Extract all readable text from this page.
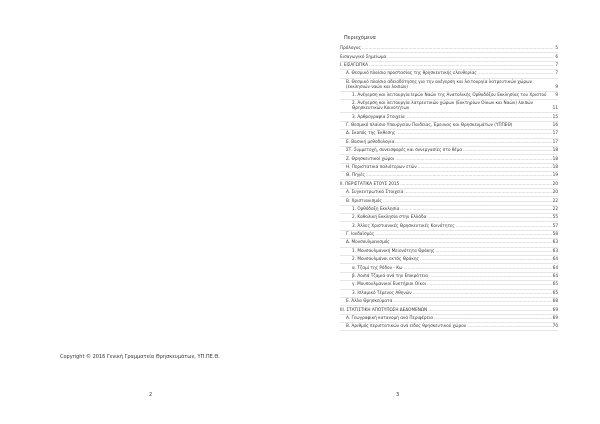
Copyright © 2016 Γενική Γραμματεία Θρησκευμάτων, ΥΠ.ΠΕ.Θ.
2
Περιεχόμενα
Πρόλογος .....	5
Εισαγωγικό Σημείωμα .....	6
Ι. ΕΙΣΑΓΩΓΙΚΑ .....	7
Α. Θεσμικό πλαίσιο προστασίας της θρησκευτικής ελευθερίας .....	7
Β. Θεσμικό πλαίσιο αδειοδότησης για την ανέγερση και λειτουργία λατρευτικών χώρων (εκκλησιών ναών και λοιπών)	9
1. Ανέγερση και λειτουργία Ιερών Ναών της Ανατολικής Ορθοδόξου Εκκλησίας του Χριστού	9
2. Ανέγερση και λειτουργία λατρευτικών χώρων (Ευκτηρίων Οίκων και Ναών) λοιπών Θρησκευτικών Κοινοτήτων	11
3. Αρθρογραφία Στοιχεία .....	15
Γ. Θεσμικό πλαίσιο Υπουργείου Παιδείας, Έρευνας και Θρησκευμάτων (ΥΠΠΕΘ)	16
Δ. Σκοπός της Έκθεσης .....	17
Ε. Βασική μεθοδολογία .....	17
ΣΤ. Συμμετοχή, συνεισφορές και συνεργασίες στο θέμα .....	18
Ζ. Θρησκευτικοί χώροι .....	18
Η. Περιστατικά παλιότερων ετών .....	18
Θ. Πηγές .....	19
ΙΙ. ΠΕΡΙΣΤΑΤΙΚΑ ΕΤΟΥΣ 2015 .....	20
Α. Συγκεντρωτικά Στοιχεία .....	20
Β. Χριστιανισμός .....	22
1. Ορθόδοξη Εκκλησία .....	22
2. Καθολική Εκκλησία στην Ελλάδα .....	55
3. Άλλες Χριστιανικές Θρησκευτικές Κοινότητες .....	57
Γ. Ιουδαϊσμός .....	58
Δ. Μουσουλμανισμός .....	63
1. Μουσουλμανική Μειονότητα Θράκης .....	63
2. Μουσουλμάνοι εκτός Θράκης .....	64
α. Τζαμί της Ρόδου - Κω .....	64
β. Λοιπά Τζαμιά ανά την Επικράτεια .....	64
γ. Μουσουλμανικοί Ευκτήριοι Οίκοι .....	65
3. Ισλαμικό Τέμενος Αθηνών .....	65
Ε. Άλλα Θρησκεύματα .....	68
ΙΙΙ. ΣΤΑΤΙΣΤΙΚΗ ΑΠΟΤΥΠΩΣΗ ΔΕΔΟΜΕΝΩΝ .....	69
Α. Γεωγραφική κατανομή ανά Περιφέρεια .....	69
Β. Αριθμός περιστατικών ανά είδος θρησκευτικού χώρου .....	70
3
